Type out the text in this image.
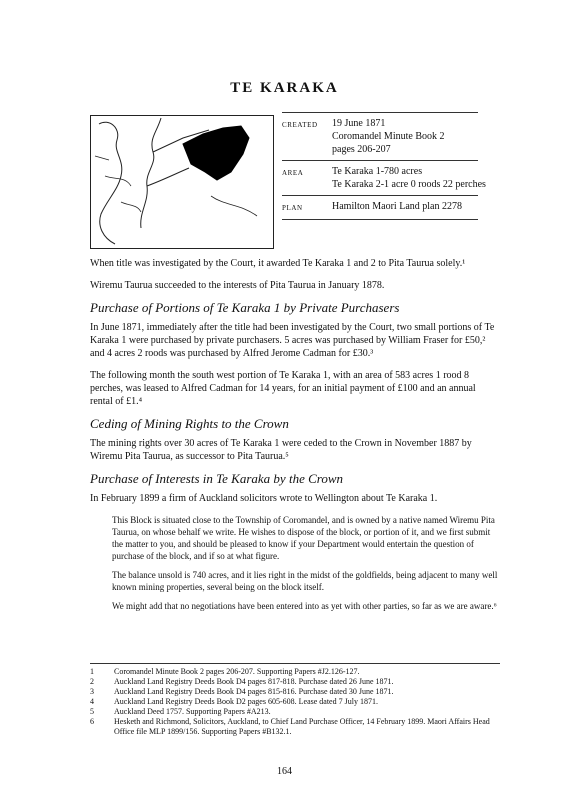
TE KARAKA
CREATED	19 June 1871
Coromandel Minute Book 2
pages 206-207
AREA	Te Karaka 1-780 acres
Te Karaka 2-1 acre 0 roods 22 perches
PLAN	Hamilton Maori Land plan 2278

When title was investigated by the Court, it awarded Te Karaka 1 and 2 to Pita Taurua solely.¹

Wiremu Taurua succeeded to the interests of Pita Taurua in January 1878.

Purchase of Portions of Te Karaka 1 by Private Purchasers

In June 1871, immediately after the title had been investigated by the Court, two small portions of Te Karaka 1 were purchased by private purchasers. 5 acres was purchased by William Fraser for £50,² and 4 acres 2 roods was purchased by Alfred Jerome Cadman for £30.³

The following month the south west portion of Te Karaka 1, with an area of 583 acres 1 rood 8 perches, was leased to Alfred Cadman for 14 years, for an initial payment of £100 and an annual rental of £1.⁴

Ceding of Mining Rights to the Crown

The mining rights over 30 acres of Te Karaka 1 were ceded to the Crown in November 1887 by Wiremu Pita Taurua, as successor to Pita Taurua.⁵

Purchase of Interests in Te Karaka by the Crown

In February 1899 a firm of Auckland solicitors wrote to Wellington about Te Karaka 1.

This Block is situated close to the Township of Coromandel, and is owned by a native named Wiremu Pita Taurua, on whose behalf we write. He wishes to dispose of the block, or portion of it, and we first submit the matter to you, and should be pleased to know if your Department would entertain the question of purchase of the block, and if so at what figure.

The balance unsold is 740 acres, and it lies right in the midst of the goldfields, being adjacent to many well known mining properties, several being on the block itself.

We might add that no negotiations have been entered into as yet with other parties, so far as we are aware.⁶

1	Coromandel Minute Book 2 pages 206-207. Supporting Papers #J2.126-127.
2	Auckland Land Registry Deeds Book D4 pages 817-818. Purchase dated 26 June 1871.
3	Auckland Land Registry Deeds Book D4 pages 815-816. Purchase dated 30 June 1871.
4	Auckland Land Registry Deeds Book D2 pages 605-608. Lease dated 7 July 1871.
5	Auckland Deed 1757. Supporting Papers #A213.
6	Hesketh and Richmond, Solicitors, Auckland, to Chief Land Purchase Officer, 14 February 1899. Maori Affairs Head Office file MLP 1899/156. Supporting Papers #B132.1.
164
